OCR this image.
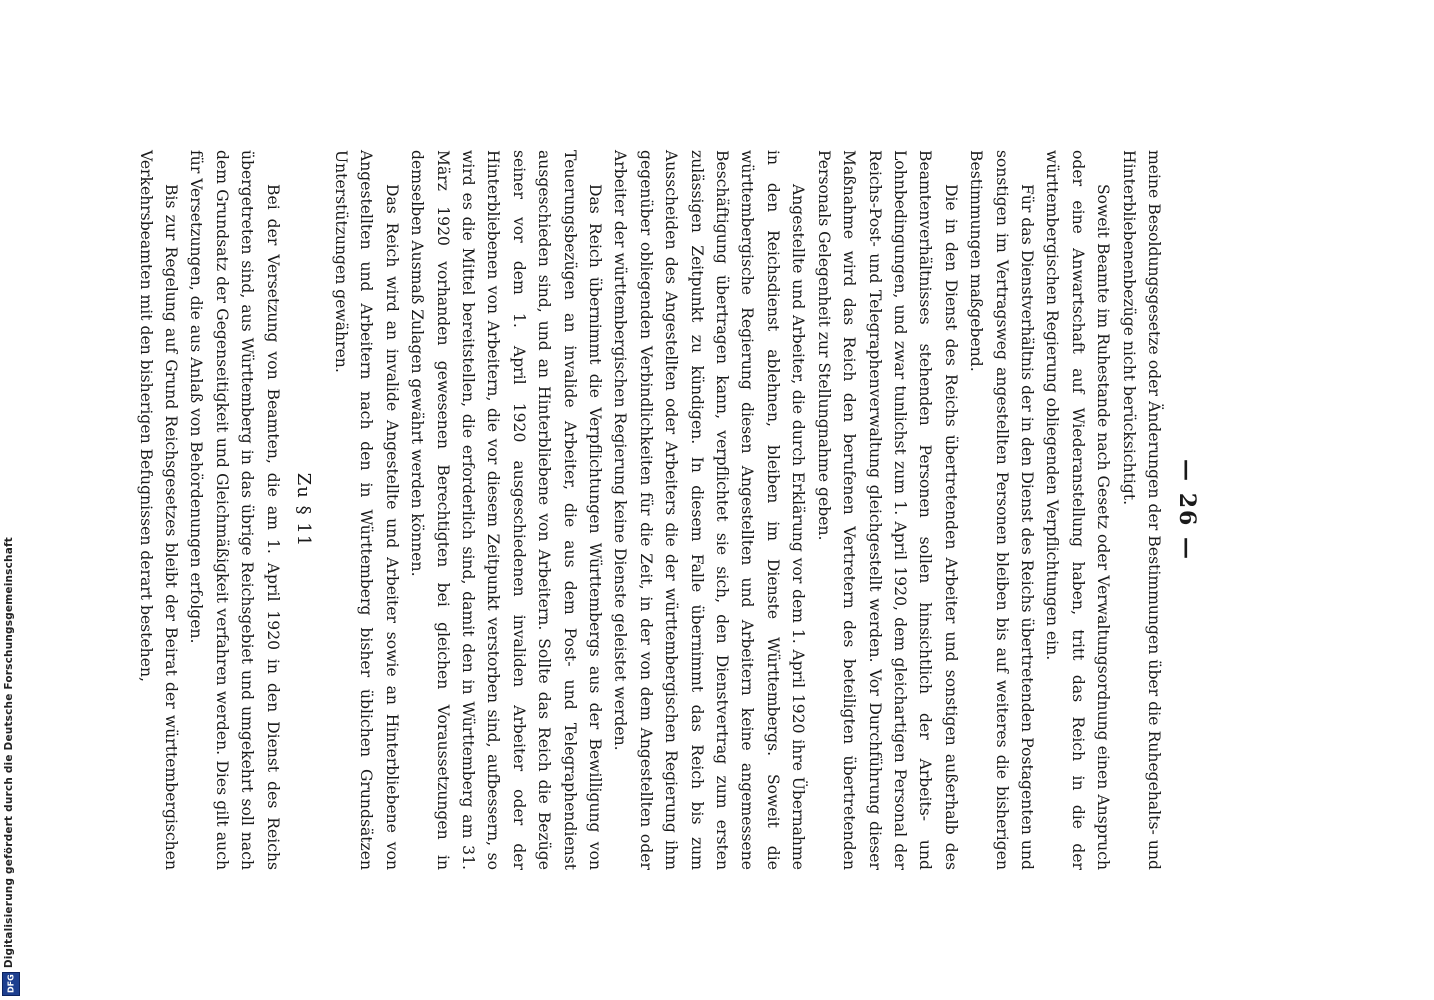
Digitalisierung gefördert durch die Deutsche Forschungsgemeinschaft
DFG
— 26 —

meine Besoldungsgesetze oder Änderungen der Bestimmungen über die Ruhegehalts- und Hinterbliebenenbezüge nicht berücksichtigt.

Soweit Beamte im Ruhestande nach Gesetz oder Verwaltungsordnung einen Anspruch oder eine Anwartschaft auf Wiederanstellung haben, tritt das Reich in die der württembergischen Regierung obliegenden Verpflichtungen ein.

Für das Dienstverhältnis der in den Dienst des Reichs übertretenden Postagenten und sonstigen im Vertragsweg angestellten Personen bleiben bis auf weiteres die bisherigen Bestimmungen maßgebend.

Die in den Dienst des Reichs übertretenden Arbeiter und sonstigen außerhalb des Beamtenverhältnisses stehenden Personen sollen hinsichtlich der Arbeits- und Lohnbedingungen, und zwar tunlichst zum 1. April 1920, dem gleichartigen Personal der Reichs-Post- und Telegraphenverwaltung gleichgestellt werden. Vor Durchführung dieser Maßnahme wird das Reich den berufenen Vertretern des beteiligten übertretenden Personals Gelegenheit zur Stellungnahme geben.

Angestellte und Arbeiter, die durch Erklärung vor dem 1. April 1920 ihre Übernahme in den Reichsdienst ablehnen, bleiben im Dienste Württembergs. Soweit die württembergische Regierung diesen Angestellten und Arbeitern keine angemessene Beschäftigung übertragen kann, verpflichtet sie sich, den Dienstvertrag zum ersten zulässigen Zeitpunkt zu kündigen. In diesem Falle übernimmt das Reich bis zum Ausscheiden des Angestellten oder Arbeiters die der württembergischen Regierung ihm gegenüber obliegenden Verbindlichkeiten für die Zeit, in der von dem Angestellten oder Arbeiter der württembergischen Regierung keine Dienste geleistet werden.

Das Reich übernimmt die Verpflichtungen Württembergs aus der Bewilligung von Teuerungsbezügen an invalide Arbeiter, die aus dem Post- und Telegraphendienst ausgeschieden sind, und an Hinterbliebene von Arbeitern. Sollte das Reich die Bezüge seiner vor dem 1. April 1920 ausgeschiedenen invaliden Arbeiter oder der Hinterbliebenen von Arbeitern, die vor diesem Zeitpunkt verstorben sind, aufbessern, so wird es die Mittel bereitstellen, die erforderlich sind, damit den in Württemberg am 31. März 1920 vorhanden gewesenen Berechtigten bei gleichen Voraussetzungen in demselben Ausmaß Zulagen gewährt werden können.

Das Reich wird an invalide Angestellte und Arbeiter sowie an Hinterbliebene von Angestellten und Arbeitern nach den in Württemberg bisher üblichen Grundsätzen Unterstützungen gewähren.

Zu § 11

Bei der Versetzung von Beamten, die am 1. April 1920 in den Dienst des Reichs übergetreten sind, aus Württemberg in das übrige Reichsgebiet und umgekehrt soll nach dem Grundsatz der Gegenseitigkeit und Gleichmäßigkeit verfahren werden. Dies gilt auch für Versetzungen, die aus Anlaß von Behördenungen erfolgen.

Bis zur Regelung auf Grund Reichsgesetzes bleibt der Beirat der württembergischen Verkehrsbeamten mit den bisherigen Befugnissen derart bestehen,
